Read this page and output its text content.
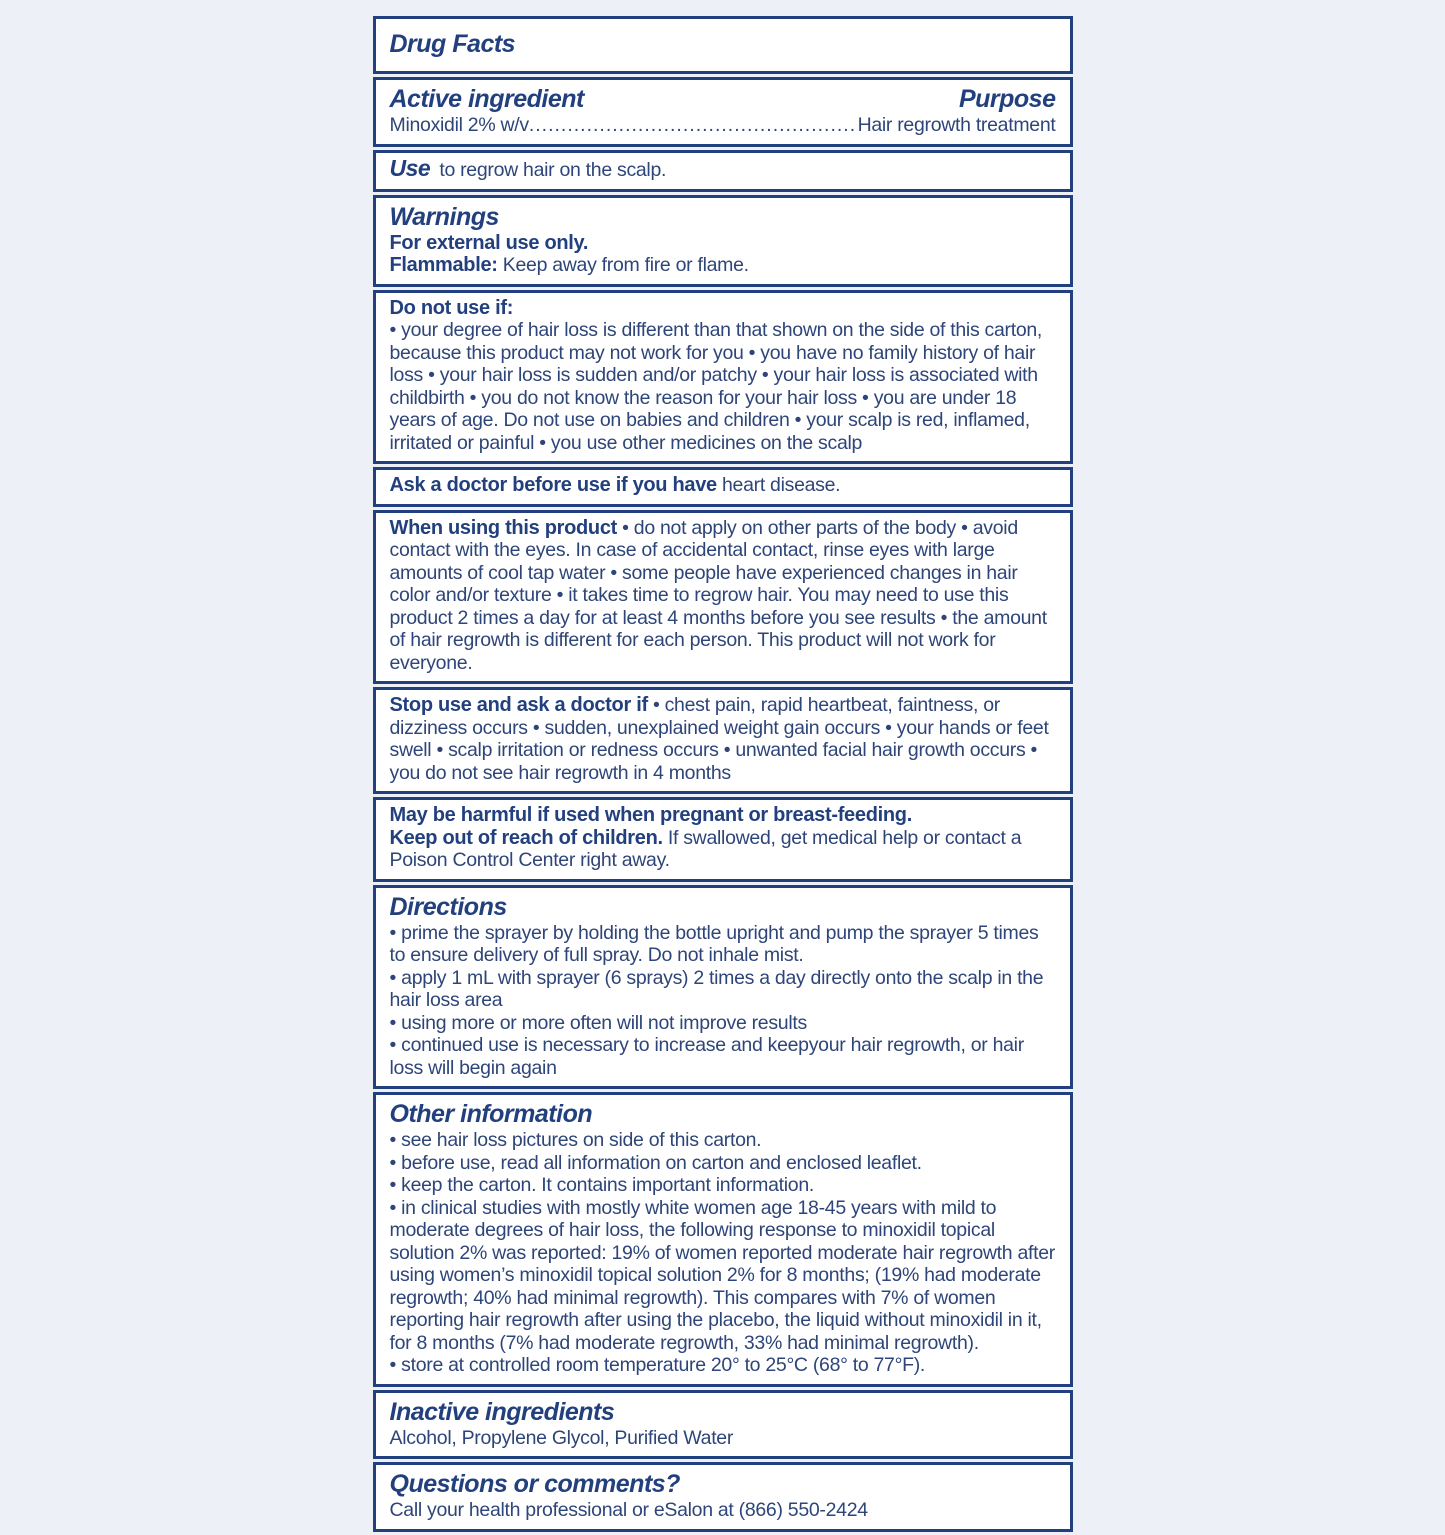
Drug Facts

Active ingredient	Purpose
Minoxidil 2% w/v .....	Hair regrowth treatment

Use to regrow hair on the scalp.

Warnings

For external use only.

Flammable: Keep away from fire or flame.

Do not use if:

• your degree of hair loss is different than that shown on the side of this carton, because this product may not work for you • you have no family history of hair loss • your hair loss is sudden and/or patchy • your hair loss is associated with childbirth • you do not know the reason for your hair loss • you are under 18 years of age. Do not use on babies and children • your scalp is red, inflamed, irritated or painful • you use other medicines on the scalp

Ask a doctor before use if you have heart disease.

When using this product • do not apply on other parts of the body • avoid contact with the eyes. In case of accidental contact, rinse eyes with large amounts of cool tap water • some people have experienced changes in hair color and/or texture • it takes time to regrow hair. You may need to use this product 2 times a day for at least 4 months before you see results • the amount of hair regrowth is different for each person. This product will not work for everyone.

Stop use and ask a doctor if • chest pain, rapid heartbeat, faintness, or dizziness occurs • sudden, unexplained weight gain occurs • your hands or feet swell • scalp irritation or redness occurs • unwanted facial hair growth occurs • you do not see hair regrowth in 4 months

May be harmful if used when pregnant or breast-feeding.

Keep out of reach of children. If swallowed, get medical help or contact a Poison Control Center right away.

Directions

• prime the sprayer by holding the bottle upright and pump the sprayer 5 times to ensure delivery of full spray. Do not inhale mist.

• apply 1 mL with sprayer (6 sprays) 2 times a day directly onto the scalp in the hair loss area

• using more or more often will not improve results

• continued use is necessary to increase and keepyour hair regrowth, or hair loss will begin again

Other information

• see hair loss pictures on side of this carton.

• before use, read all information on carton and enclosed leaflet.

• keep the carton. It contains important information.

• in clinical studies with mostly white women age 18-45 years with mild to moderate degrees of hair loss, the following response to minoxidil topical solution 2% was reported: 19% of women reported moderate hair regrowth after using women’s minoxidil topical solution 2% for 8 months; (19% had moderate regrowth; 40% had minimal regrowth). This compares with 7% of women reporting hair regrowth after using the placebo, the liquid without minoxidil in it, for 8 months (7% had moderate regrowth, 33% had minimal regrowth).

• store at controlled room temperature 20° to 25°C (68° to 77°F).

Inactive ingredients

Alcohol, Propylene Glycol, Purified Water

Questions or comments?

Call your health professional or eSalon at (866) 550-2424
